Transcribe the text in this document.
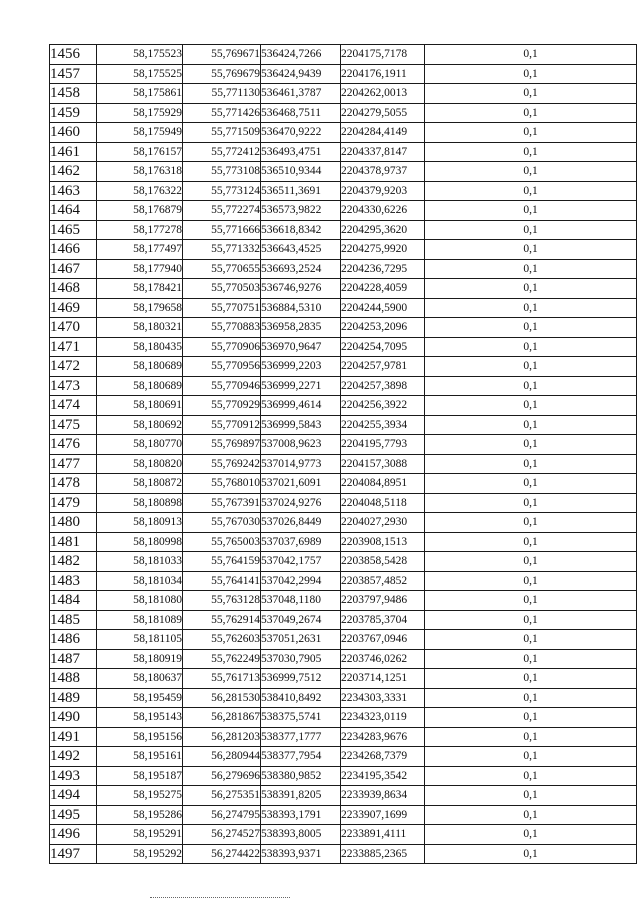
1456	58,175523	55,769671	536424,7266	2204175,7178	0,1
1457	58,175525	55,769679	536424,9439	2204176,1911	0,1
1458	58,175861	55,771130	536461,3787	2204262,0013	0,1
1459	58,175929	55,771426	536468,7511	2204279,5055	0,1
1460	58,175949	55,771509	536470,9222	2204284,4149	0,1
1461	58,176157	55,772412	536493,4751	2204337,8147	0,1
1462	58,176318	55,773108	536510,9344	2204378,9737	0,1
1463	58,176322	55,773124	536511,3691	2204379,9203	0,1
1464	58,176879	55,772274	536573,9822	2204330,6226	0,1
1465	58,177278	55,771666	536618,8342	2204295,3620	0,1
1466	58,177497	55,771332	536643,4525	2204275,9920	0,1
1467	58,177940	55,770655	536693,2524	2204236,7295	0,1
1468	58,178421	55,770503	536746,9276	2204228,4059	0,1
1469	58,179658	55,770751	536884,5310	2204244,5900	0,1
1470	58,180321	55,770883	536958,2835	2204253,2096	0,1
1471	58,180435	55,770906	536970,9647	2204254,7095	0,1
1472	58,180689	55,770956	536999,2203	2204257,9781	0,1
1473	58,180689	55,770946	536999,2271	2204257,3898	0,1
1474	58,180691	55,770929	536999,4614	2204256,3922	0,1
1475	58,180692	55,770912	536999,5843	2204255,3934	0,1
1476	58,180770	55,769897	537008,9623	2204195,7793	0,1
1477	58,180820	55,769242	537014,9773	2204157,3088	0,1
1478	58,180872	55,768010	537021,6091	2204084,8951	0,1
1479	58,180898	55,767391	537024,9276	2204048,5118	0,1
1480	58,180913	55,767030	537026,8449	2204027,2930	0,1
1481	58,180998	55,765003	537037,6989	2203908,1513	0,1
1482	58,181033	55,764159	537042,1757	2203858,5428	0,1
1483	58,181034	55,764141	537042,2994	2203857,4852	0,1
1484	58,181080	55,763128	537048,1180	2203797,9486	0,1
1485	58,181089	55,762914	537049,2674	2203785,3704	0,1
1486	58,181105	55,762603	537051,2631	2203767,0946	0,1
1487	58,180919	55,762249	537030,7905	2203746,0262	0,1
1488	58,180637	55,761713	536999,7512	2203714,1251	0,1
1489	58,195459	56,281530	538410,8492	2234303,3331	0,1
1490	58,195143	56,281867	538375,5741	2234323,0119	0,1
1491	58,195156	56,281203	538377,1777	2234283,9676	0,1
1492	58,195161	56,280944	538377,7954	2234268,7379	0,1
1493	58,195187	56,279696	538380,9852	2234195,3542	0,1
1494	58,195275	56,275351	538391,8205	2233939,8634	0,1
1495	58,195286	56,274795	538393,1791	2233907,1699	0,1
1496	58,195291	56,274527	538393,8005	2233891,4111	0,1
1497	58,195292	56,274422	538393,9371	2233885,2365	0,1
